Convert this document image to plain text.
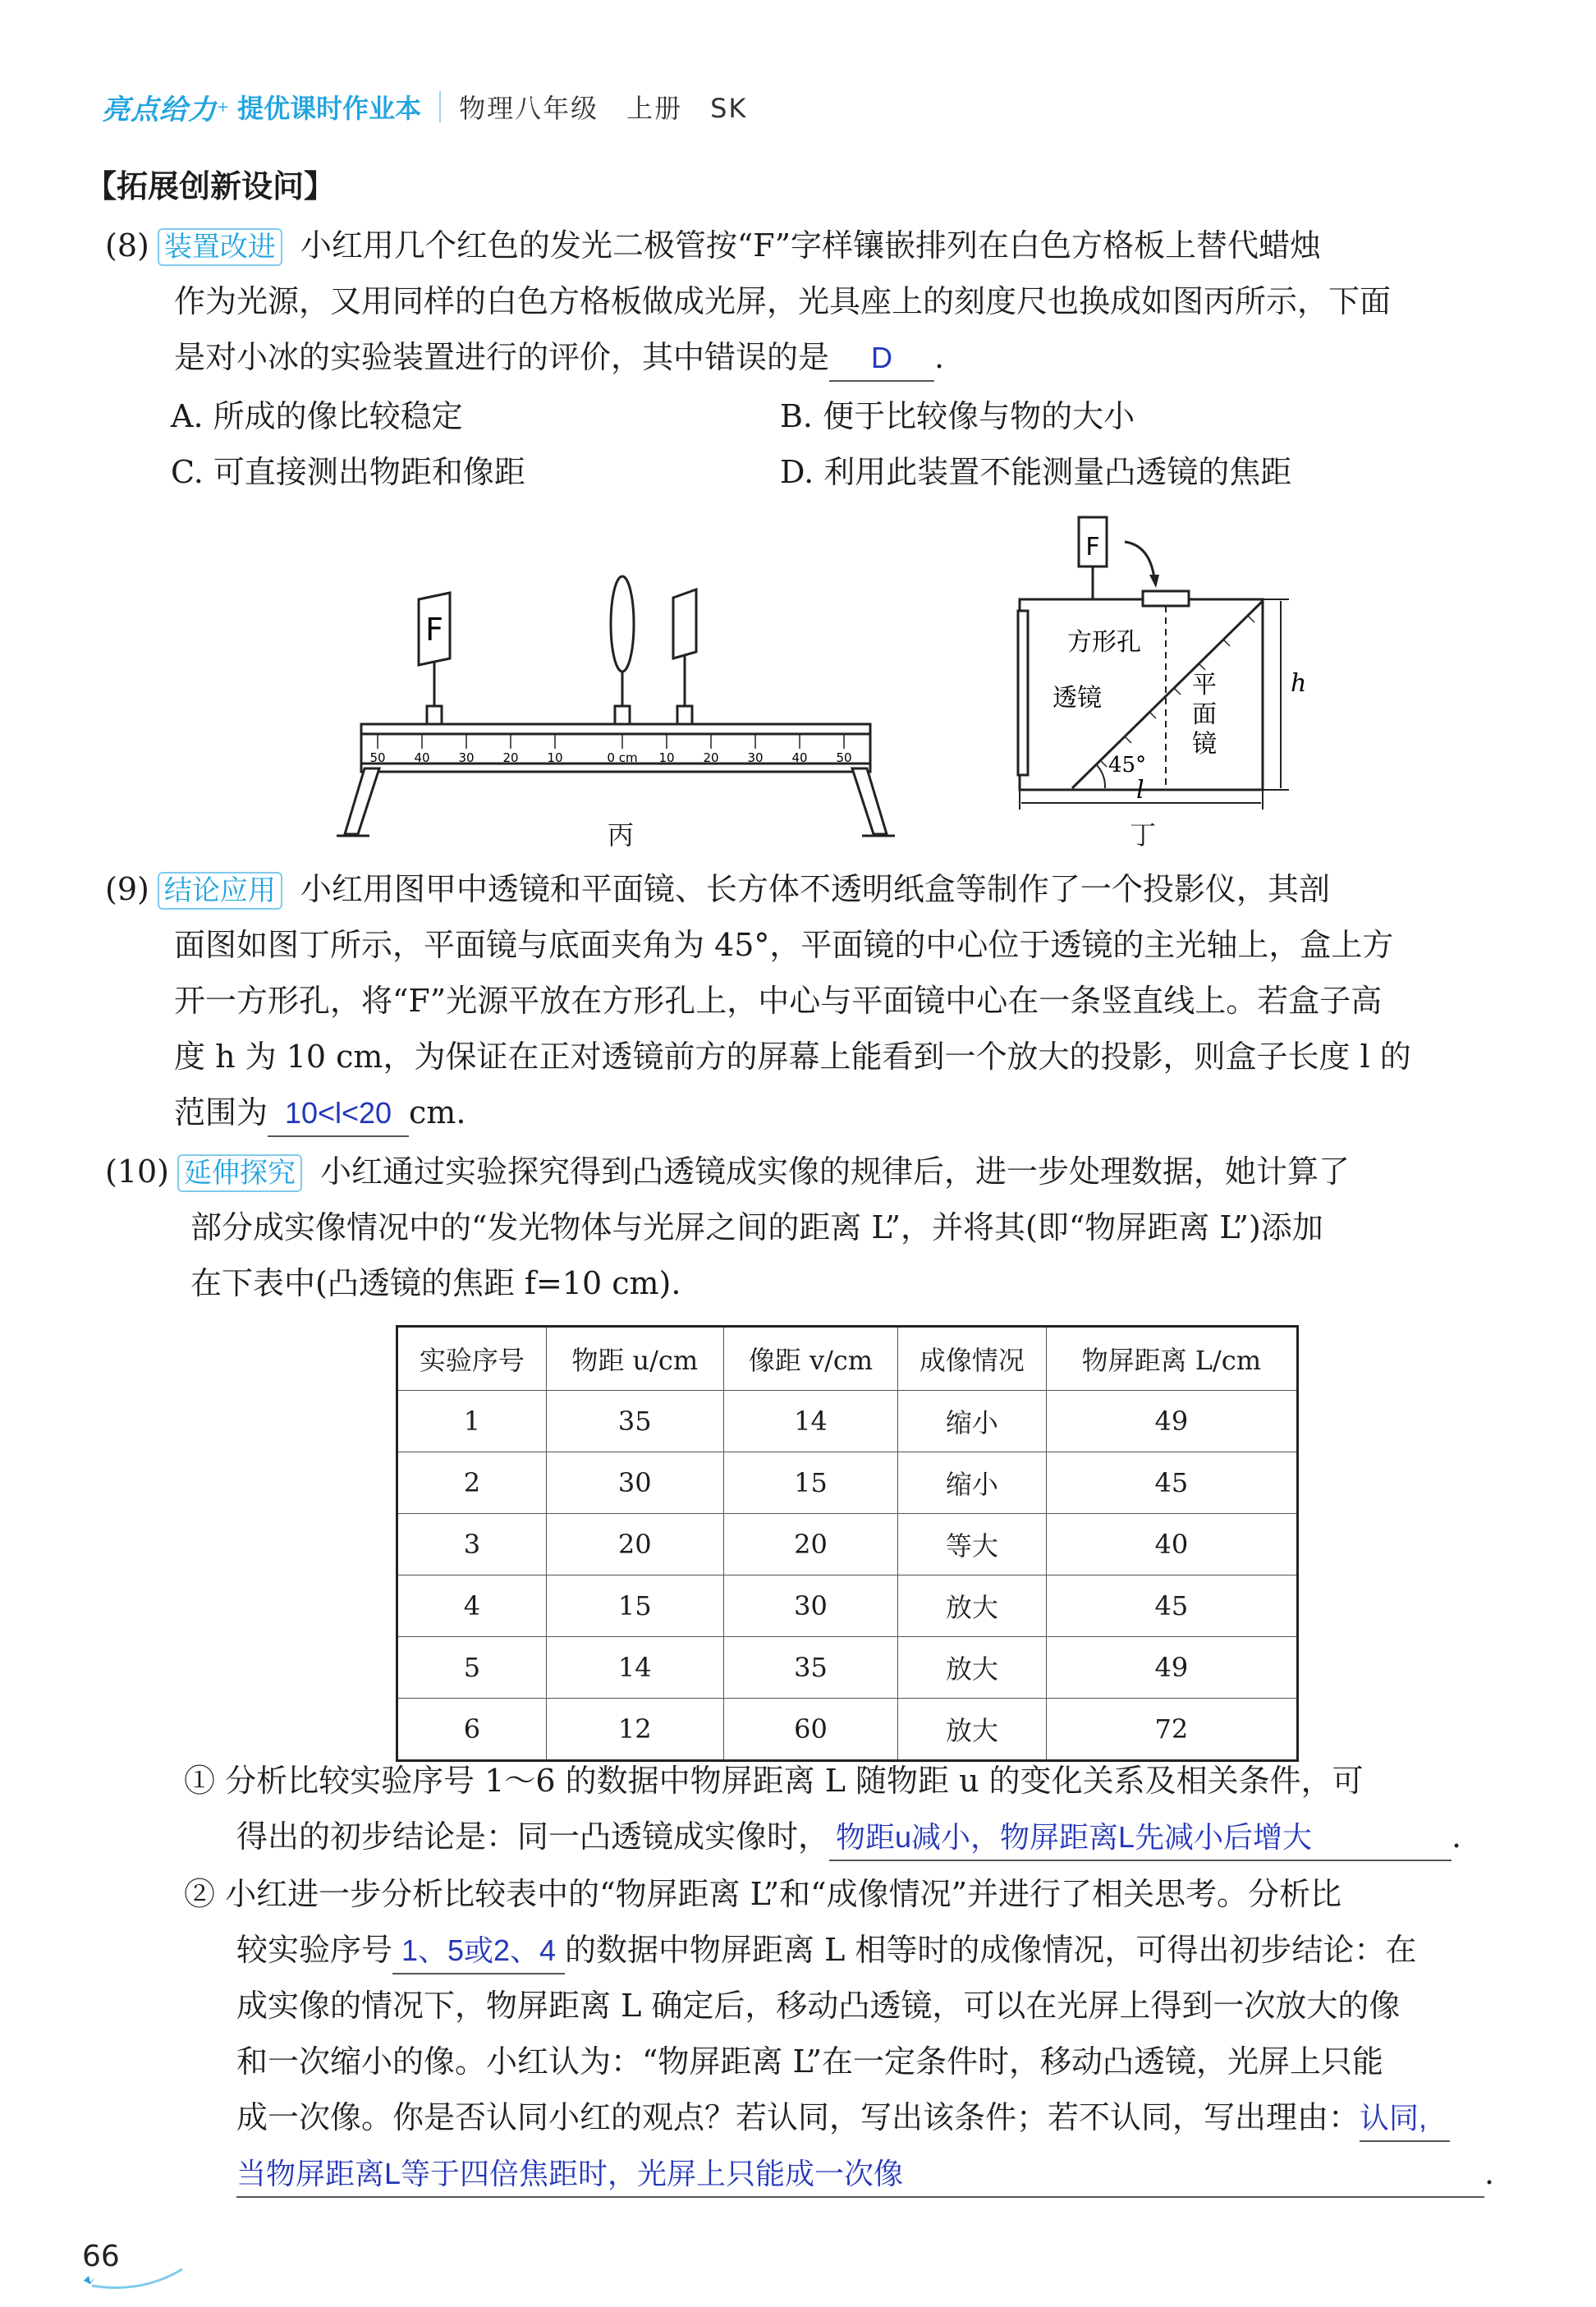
亮点给力 + 提优课时作业本 物理八年级　上册　SK
【拓展创新设问】
(8) 装置改进 小红用几个红色的发光二极管按“F”字样镶嵌排列在白色方格板上替代蜡烛
作为光源，又用同样的白色方格板做成光屏，光具座上的刻度尺也换成如图丙所示，下面
是对小冰的实验装置进行的评价，其中错误的是 D .
A. 所成的像比较稳定	B. 便于比较像与物的大小
C. 可直接测出物距和像距	D. 利用此装置不能测量凸透镜的焦距
F
50 40 30 20 10	0 cm 10 20 30 40 50
丙
F
方形孔
透镜	平
面
镜
45°
h
l
丁
(9) 结论应用 小红用图甲中透镜和平面镜、长方体不透明纸盒等制作了一个投影仪，其剖
面图如图丁所示，平面镜与底面夹角为 45°，平面镜的中心位于透镜的主光轴上，盒上方
开一方形孔，将“F”光源平放在方形孔上，中心与平面镜中心在一条竖直线上。若盒子高
度 h 为 10 cm，为保证在正对透镜前方的屏幕上能看到一个放大的投影，则盒子长度 l 的
范围为 10<l<20 cm.
(10) 延伸探究 小红通过实验探究得到凸透镜成实像的规律后，进一步处理数据，她计算了
部分成实像情况中的“发光物体与光屏之间的距离 L”，并将其(即“物屏距离 L”)添加
在下表中(凸透镜的焦距 f=10 cm).
实验序号	物距 u/cm	像距 v/cm	成像情况	物屏距离 L/cm
1	35	14	缩小	49
2	30	15	缩小	45
3	20	20	等大	40
4	15	30	放大	45
5	14	35	放大	49
6	12	60	放大	72
① 分析比较实验序号 1～6 的数据中物屏距离 L 随物距 u 的变化关系及相关条件，可
得出的初步结论是：同一凸透镜成实像时， 物距u减小，物屏距离L先减小后增大	.
② 小红进一步分析比较表中的“物屏距离 L”和“成像情况”并进行了相关思考。分析比
较实验序号 1、5或2、4 的数据中物屏距离 L 相等时的成像情况，可得出初步结论：在
成实像的情况下，物屏距离 L 确定后，移动凸透镜，可以在光屏上得到一次放大的像
和一次缩小的像。小红认为：“物屏距离 L”在一定条件时，移动凸透镜，光屏上只能
成一次像。你是否认同小红的观点？若认同，写出该条件；若不认同，写出理由：认同,
当物屏距离L等于四倍焦距时，光屏上只能成一次像	.
66
